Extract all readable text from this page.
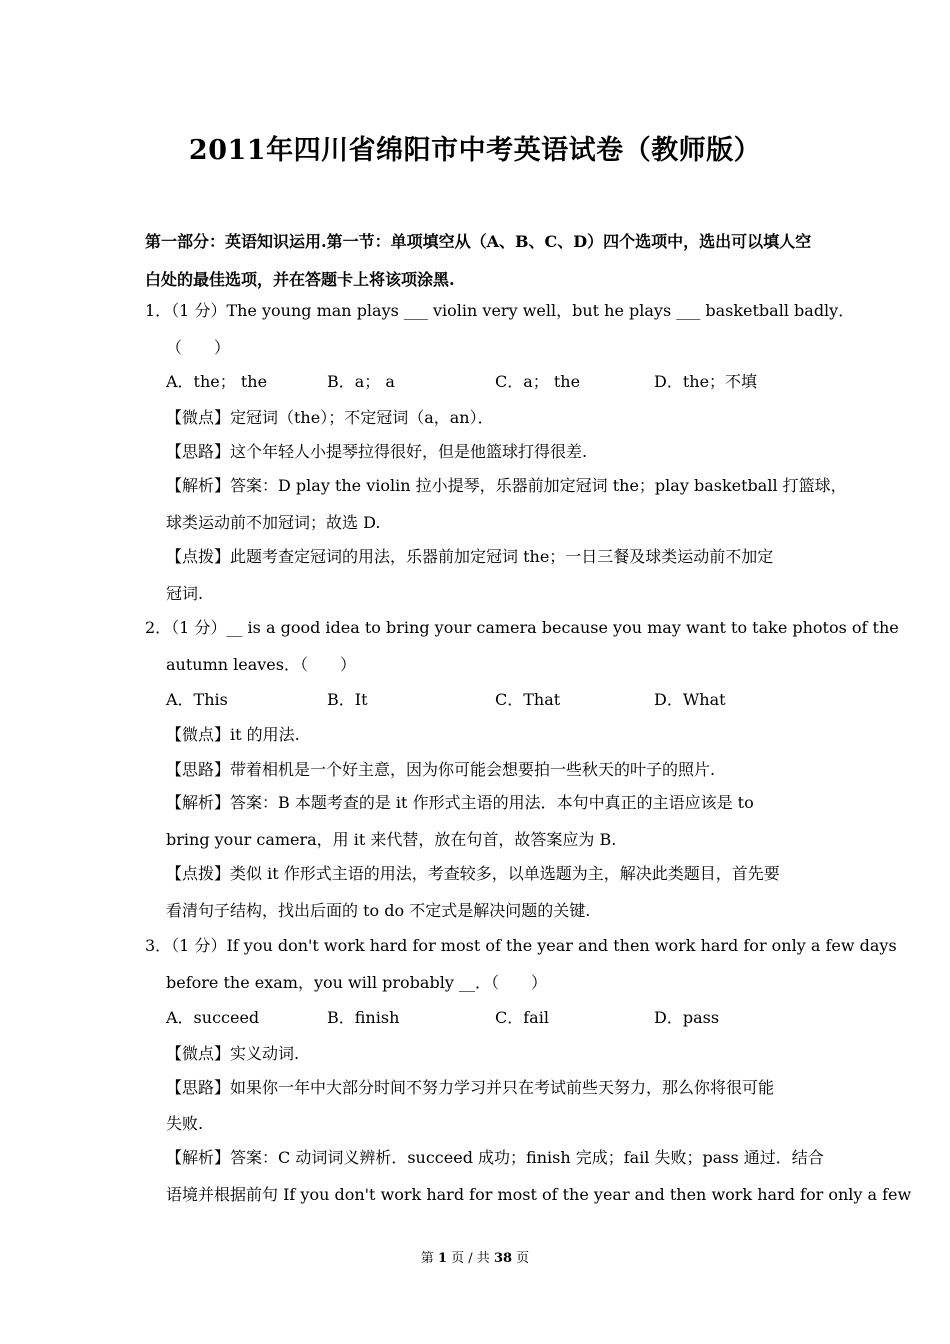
2011年四川省绵阳市中考英语试卷（教师版）
第一部分：英语知识运用.第一节：单项填空从（A、B、C、D）四个选项中，选出可以填人空白处的最佳选项，并在答题卡上将该项涂黑.
1．（1 分）The young man plays ___ violin very well，but he plays ___ basketball badly．
（　　）
A．the； the	B．a； a	C．a； the	D．the；不填
【微点】定冠词（the）；不定冠词（a，an）．
【思路】这个年轻人小提琴拉得很好，但是他篮球打得很差.
【解析】答案：D play the violin 拉小提琴，乐器前加定冠词 the；play basketball 打篮球，
球类运动前不加冠词；故选 D.
【点拨】此题考查定冠词的用法，乐器前加定冠词 the；一日三餐及球类运动前不加定
冠词.
2．（1 分）__ is a good idea to bring your camera because you may want to take photos of the
autumn leaves．（　　）
A．This	B．It	C．That	D．What
【微点】it 的用法.
【思路】带着相机是一个好主意，因为你可能会想要拍一些秋天的叶子的照片.
【解析】答案：B 本题考查的是 it 作形式主语的用法．本句中真正的主语应该是 to
bring your camera，用 it 来代替，放在句首，故答案应为 B.
【点拨】类似 it 作形式主语的用法，考查较多，以单选题为主，解决此类题目，首先要
看清句子结构，找出后面的 to do 不定式是解决问题的关键.
3．（1 分）If you don't work hard for most of the year and then work hard for only a few days
before the exam，you will probably __．（　　）
A．succeed	B．finish	C．fail	D．pass
【微点】实义动词.
【思路】如果你一年中大部分时间不努力学习并只在考试前些天努力，那么你将很可能
失败.
【解析】答案：C 动词词义辨析．succeed 成功；finish 完成；fail 失败；pass 通过．结合
语境并根据前句 If you don't work hard for most of the year and then work hard for only a few
第 1 页 / 共 38 页
